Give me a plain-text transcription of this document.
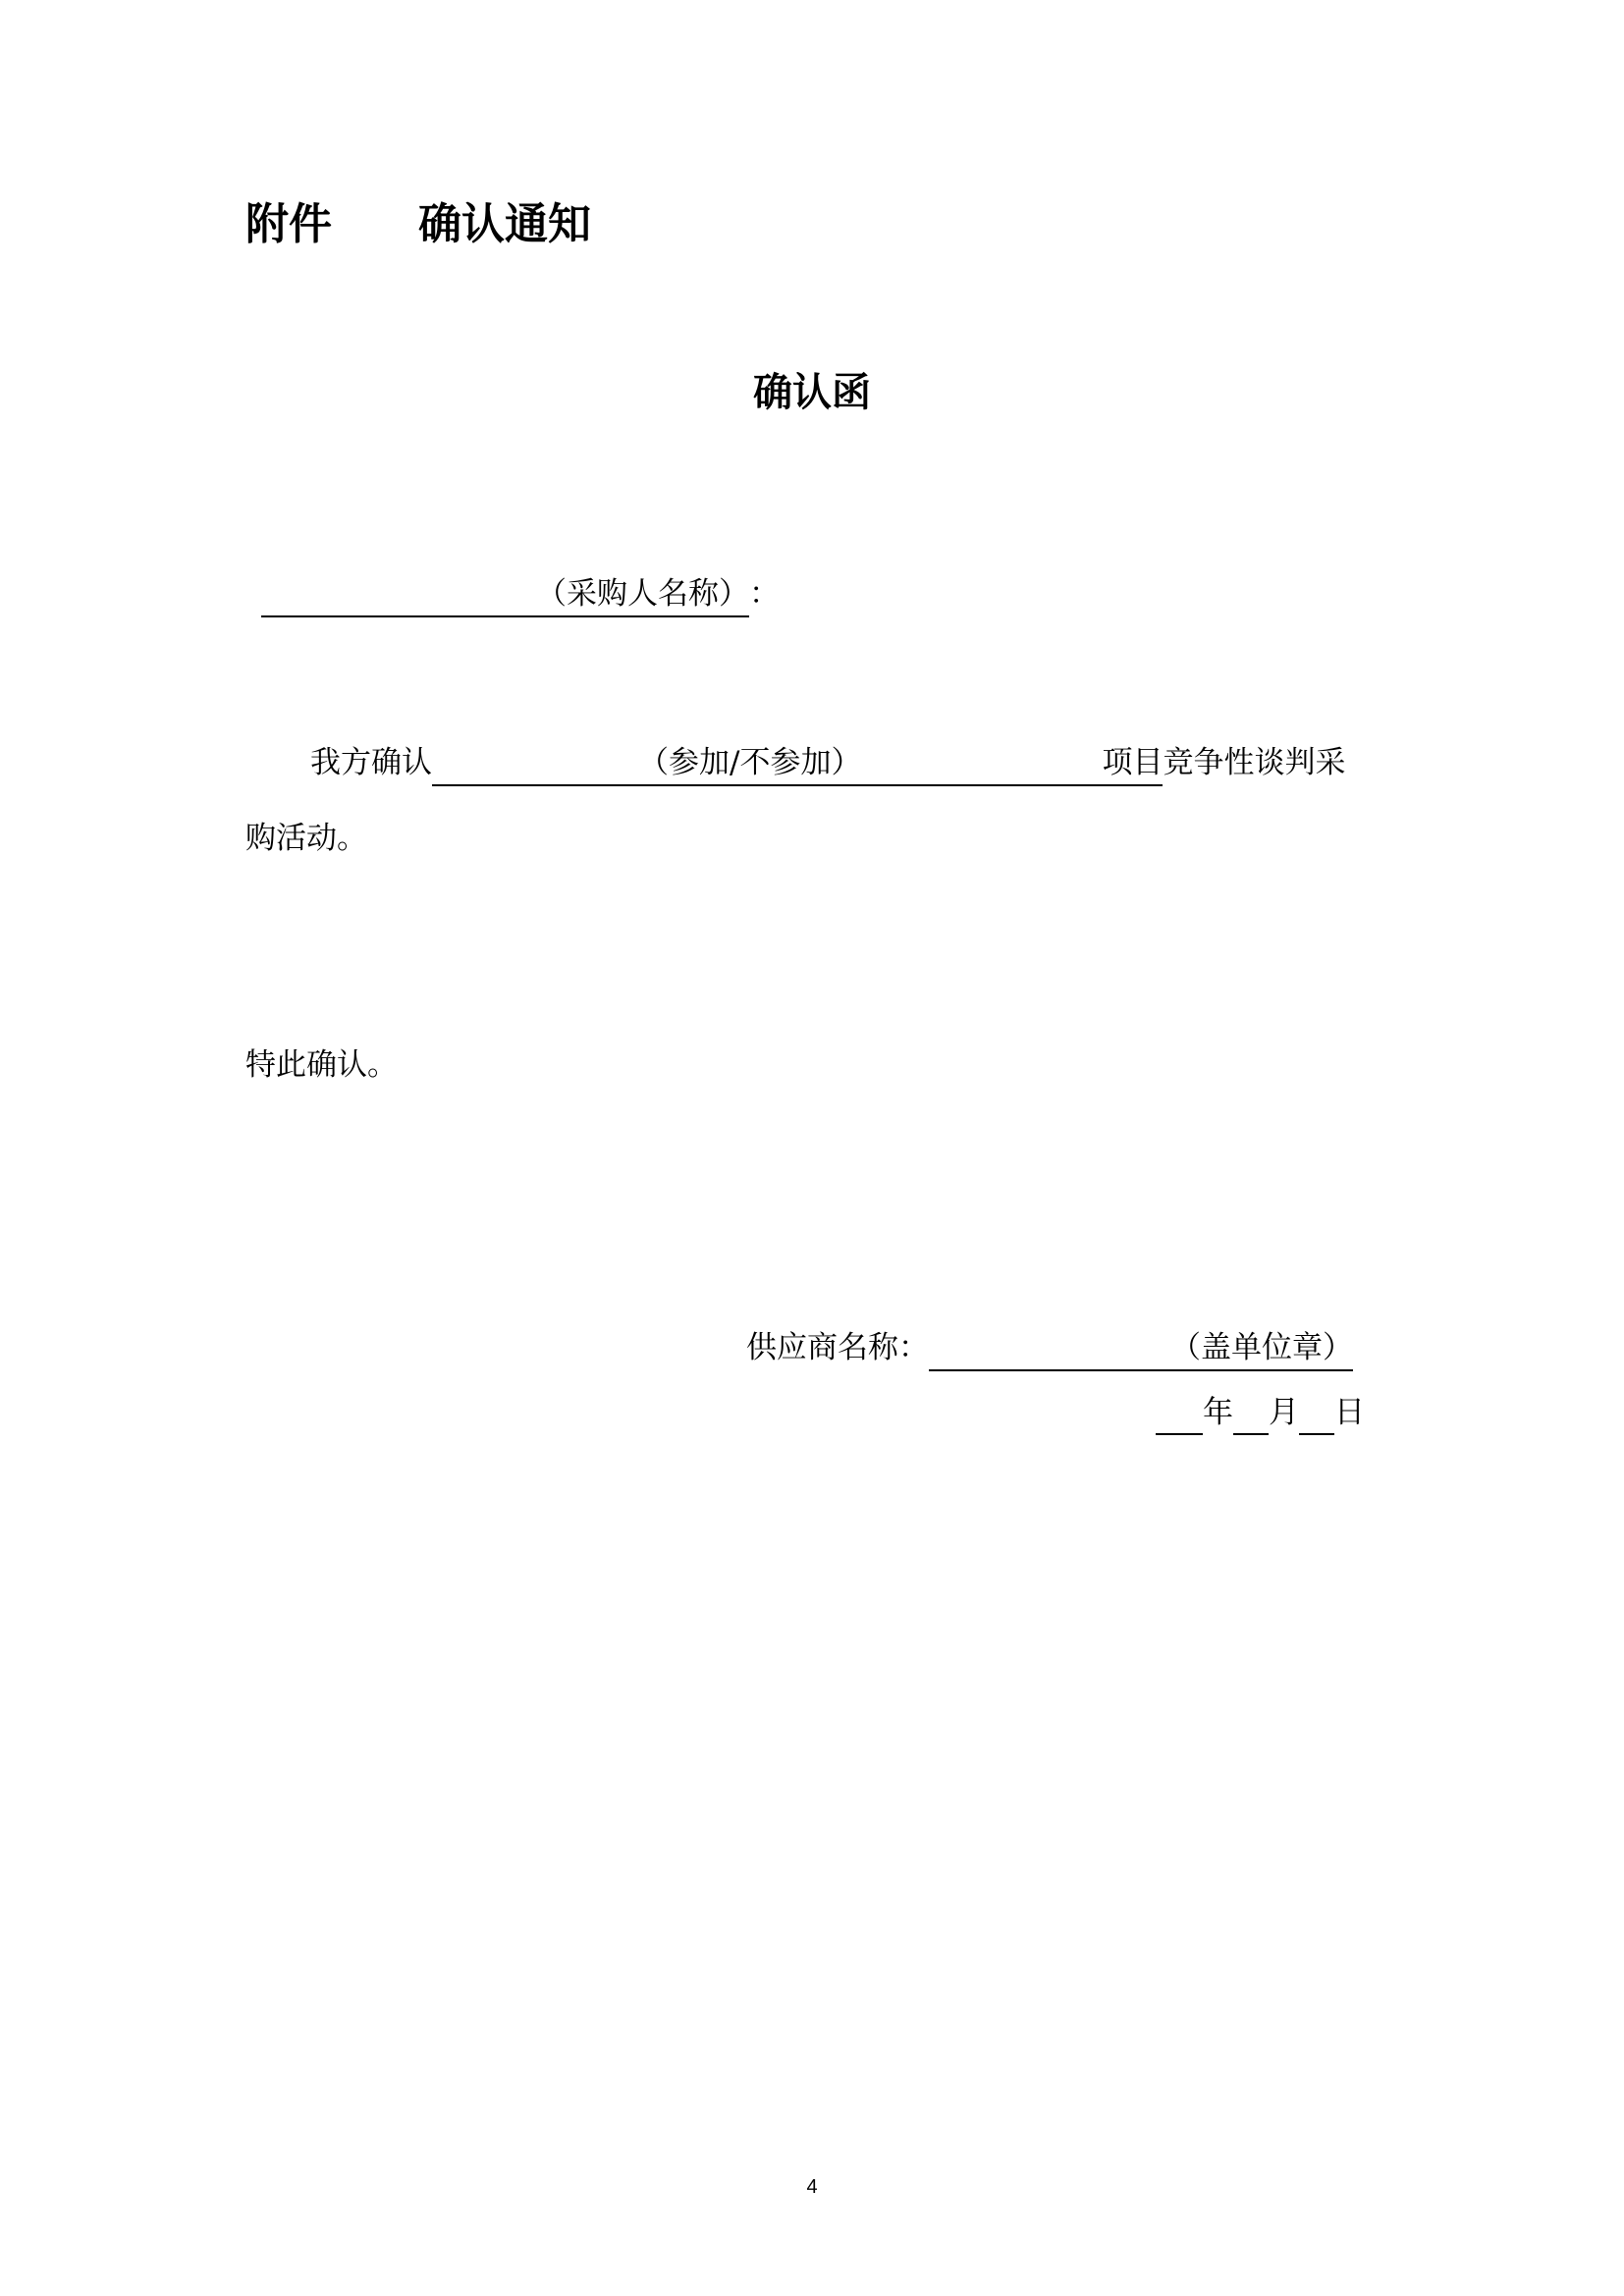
附件 确认通知
确认函
（采购人名称）：
我方确认	（参加/不参加）	项目竞争性谈判采
购活动。
特此确认。
供应商名称：	（盖单位章）
年 月 日
4
